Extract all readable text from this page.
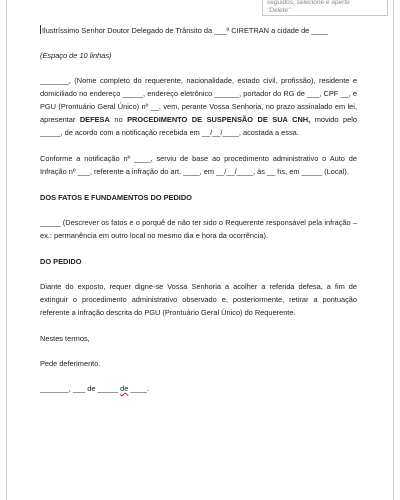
seguidos, selecione e aperte
"Delete"

Ilustríssimo Senhor Doutor Delegado de Trânsito da ___ª CIRETRAN a cidade de ____

(Espaço de 10 linhas)

_______, (Nome completo do requerente, nacionalidade, estado civil, profissão), residente e domiciliado no endereço _____, endereço eletrônico ______, portador do RG de ___, CPF __, e PGU (Prontuário Geral Único) nº __, vem, perante Vossa Senhoria, no prazo assinalado em lei, apresentar DEFESA no PROCEDIMENTO DE SUSPENSÃO DE SUA CNH, movido pelo _____, de acordo com a notificação recebida em __/__/____, acostada a essa.

Conforme a notificação nº ____, serviu de base ao procedimento administrativo o Auto de Infração nº ___, referente a infração do art. ____, em __/__/____, às __ hs, em _____ (Local).

DOS FATOS E FUNDAMENTOS DO PEDIDO

_____ (Descrever os fatos e o porquê de não ter sido o Requerente responsável pela infração – ex.: permanência em outro local no mesmo dia e hora da ocorrência).

DO PEDIDO

Diante do exposto, requer digne-se Vossa Senhoria a acolher a referida defesa, a fim de extinguir o procedimento administrativo observado e, posteriormente, retirar a pontuação referente a infração descrita do PGU (Prontuário Geral Único) do Requerente.

Nestes termos,

Pede deferimento.

_______, ___ de _____ de ____.
